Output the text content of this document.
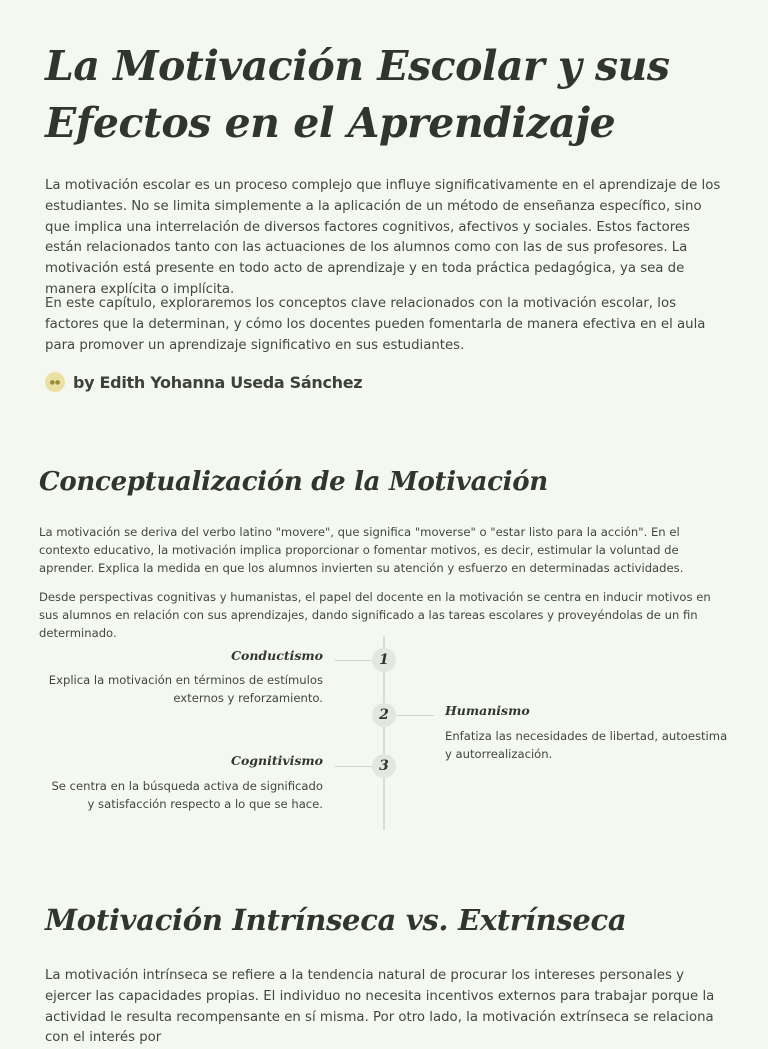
La Motivación Escolar y sus
Efectos en el Aprendizaje

La motivación escolar es un proceso complejo que influye significativamente en el aprendizaje de los estudiantes. No se limita simplemente a la aplicación de un método de enseñanza específico, sino que implica una interrelación de diversos factores cognitivos, afectivos y sociales. Estos factores están relacionados tanto con las actuaciones de los alumnos como con las de sus profesores. La motivación está presente en todo acto de aprendizaje y en toda práctica pedagógica, ya sea de manera explícita o implícita.

En este capítulo, exploraremos los conceptos clave relacionados con la motivación escolar, los factores que la determinan, y cómo los docentes pueden fomentarla de manera efectiva en el aula para promover un aprendizaje significativo en sus estudiantes.

●● by Edith Yohanna Useda Sánchez
Conceptualización de la Motivación

La motivación se deriva del verbo latino "movere", que significa "moverse" o "estar listo para la acción". En el contexto educativo, la motivación implica proporcionar o fomentar motivos, es decir, estimular la voluntad de aprender. Explica la medida en que los alumnos invierten su atención y esfuerzo en determinadas actividades.

Desde perspectivas cognitivas y humanistas, el papel del docente en la motivación se centra en inducir motivos en sus alumnos en relación con sus aprendizajes, dando significado a las tareas escolares y proveyéndolas de un fin determinado.

1
Conductismo

Explica la motivación en términos de estímulos externos y reforzamiento.

2	Humanismo

Enfatiza las necesidades de libertad, autoestima y autorrealización.

3
Cognitivismo

Se centra en la búsqueda activa de significado y satisfacción respecto a lo que se hace.

Motivación Intrínseca vs. Extrínseca

La motivación intrínseca se refiere a la tendencia natural de procurar los intereses personales y ejercer las capacidades propias. El individuo no necesita incentivos externos para trabajar porque la actividad le resulta recompensante en sí misma. Por otro lado, la motivación extrínseca se relaciona con el interés por
